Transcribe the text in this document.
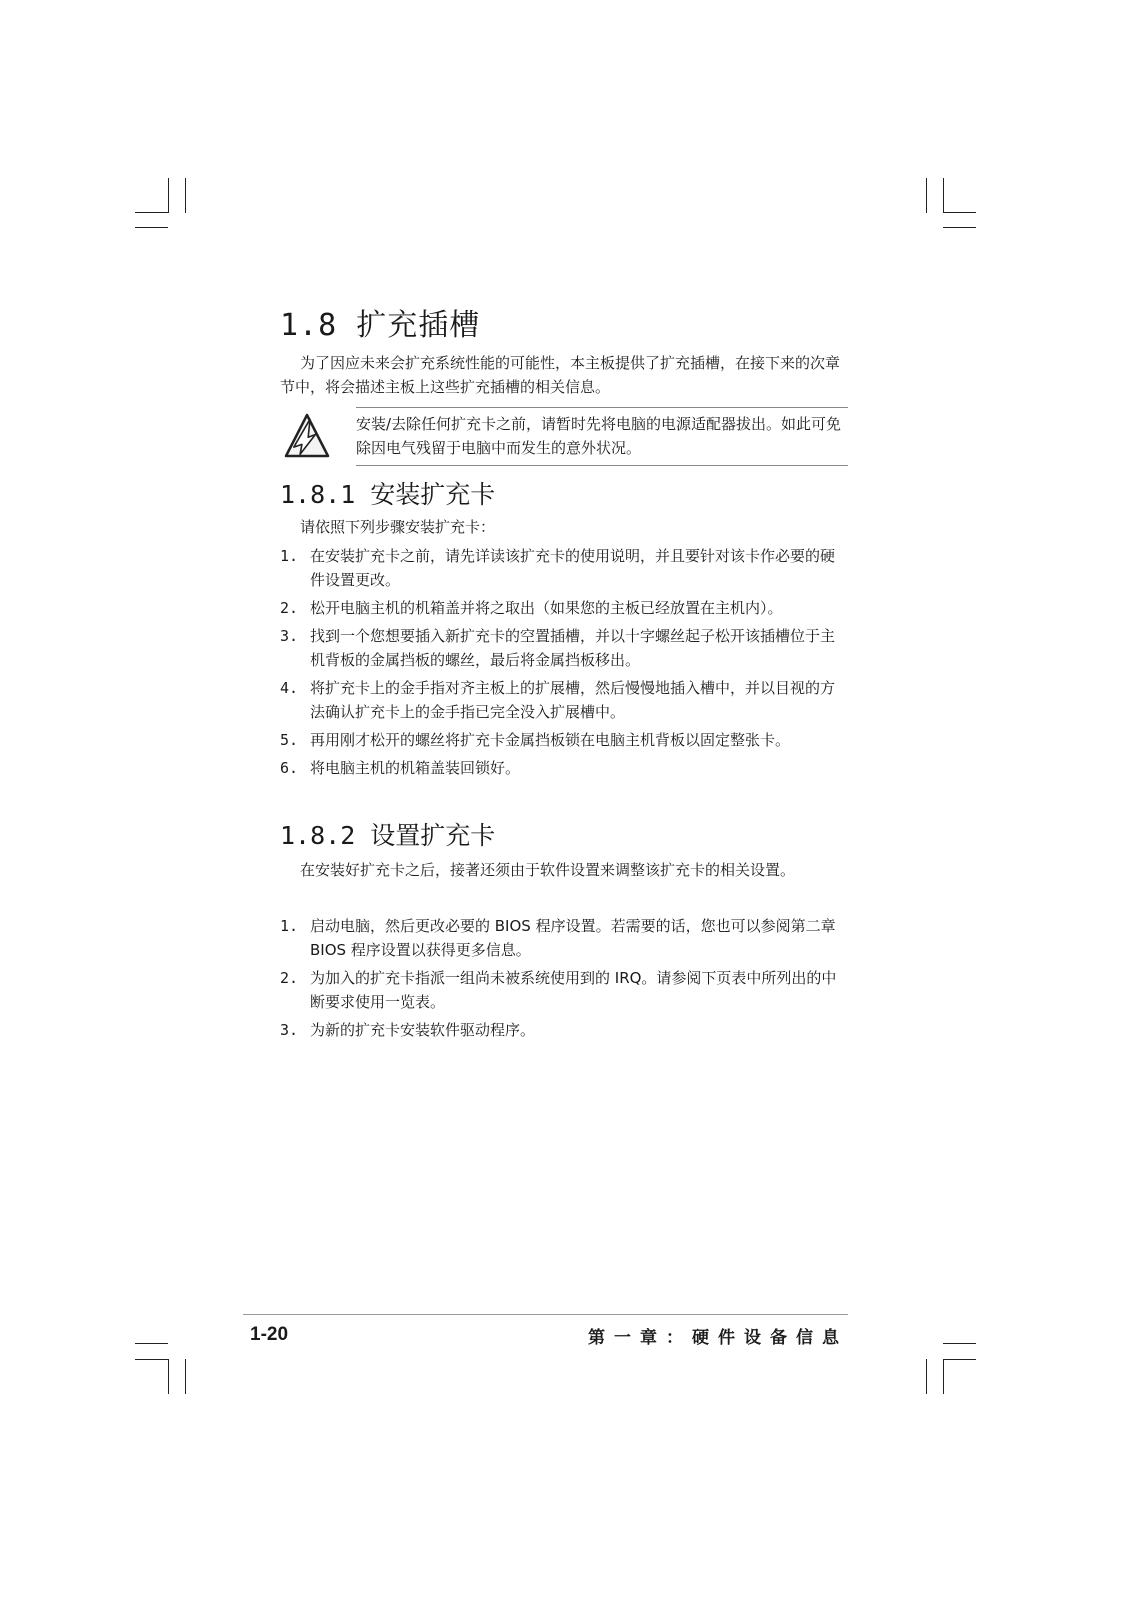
1.8 扩充插槽

为了因应未来会扩充系统性能的可能性，本主板提供了扩充插槽，在接下来的次章节中，将会描述主板上这些扩充插槽的相关信息。

安装/去除任何扩充卡之前，请暂时先将电脑的电源适配器拔出。如此可免除因电气残留于电脑中而发生的意外状况。
1.8.1 安装扩充卡

请依照下列步骤安装扩充卡：

1. 在安装扩充卡之前，请先详读该扩充卡的使用说明，并且要针对该卡作必要的硬件设置更改。
2. 松开电脑主机的机箱盖并将之取出（如果您的主板已经放置在主机内）。
3. 找到一个您想要插入新扩充卡的空置插槽，并以十字螺丝起子松开该插槽位于主机背板的金属挡板的螺丝，最后将金属挡板移出。
4. 将扩充卡上的金手指对齐主板上的扩展槽，然后慢慢地插入槽中，并以目视的方法确认扩充卡上的金手指已完全没入扩展槽中。
5. 再用刚才松开的螺丝将扩充卡金属挡板锁在电脑主机背板以固定整张卡。
6. 将电脑主机的机箱盖装回锁好。
1.8.2 设置扩充卡

在安装好扩充卡之后，接著还须由于软件设置来调整该扩充卡的相关设置。

1. 启动电脑，然后更改必要的 BIOS 程序设置。若需要的话，您也可以参阅第二章 BIOS 程序设置以获得更多信息。
2. 为加入的扩充卡指派一组尚未被系统使用到的 IRQ。请参阅下页表中所列出的中断要求使用一览表。
3. 为新的扩充卡安装软件驱动程序。
1-20	第一章：硬件设备信息
